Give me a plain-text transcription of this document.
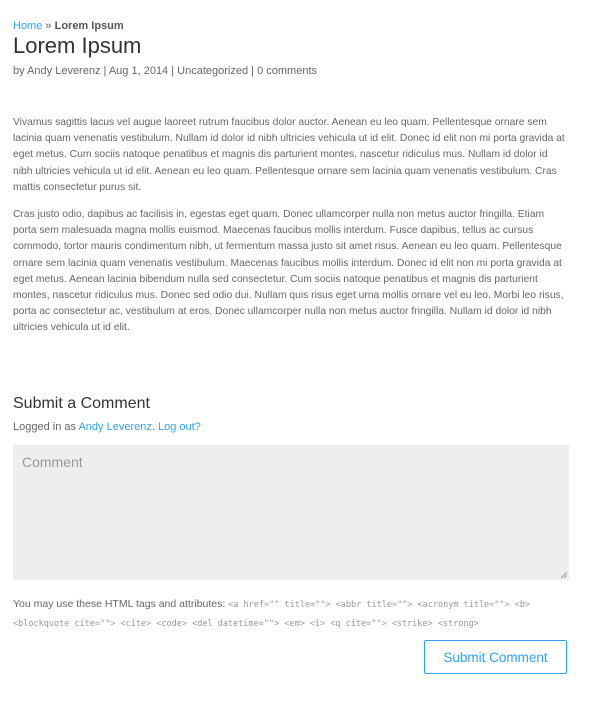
Home » Lorem Ipsum
Lorem Ipsum
by Andy Leverenz | Aug 1, 2014 | Uncategorized | 0 comments

Vivamus sagittis lacus vel augue laoreet rutrum faucibus dolor auctor. Aenean eu leo quam. Pellentesque ornare sem lacinia quam venenatis vestibulum. Nullam id dolor id nibh ultricies vehicula ut id elit. Donec id elit non mi porta gravida at eget metus. Cum sociis natoque penatibus et magnis dis parturient montes, nascetur ridiculus mus. Nullam id dolor id nibh ultricies vehicula ut id elit. Aenean eu leo quam. Pellentesque ornare sem lacinia quam venenatis vestibulum. Cras mattis consectetur purus sit.

Cras justo odio, dapibus ac facilisis in, egestas eget quam. Donec ullamcorper nulla non metus auctor fringilla. Etiam porta sem malesuada magna mollis euismod. Maecenas faucibus mollis interdum. Fusce dapibus, tellus ac cursus commodo, tortor mauris condimentum nibh, ut fermentum massa justo sit amet risus. Aenean eu leo quam. Pellentesque ornare sem lacinia quam venenatis vestibulum. Maecenas faucibus mollis interdum. Donec id elit non mi porta gravida at eget metus. Aenean lacinia bibendum nulla sed consectetur. Cum sociis natoque penatibus et magnis dis parturient montes, nascetur ridiculus mus. Donec sed odio dui. Nullam quis risus eget urna mollis ornare vel eu leo. Morbi leo risus, porta ac consectetur ac, vestibulum at eros. Donec ullamcorper nulla non metus auctor fringilla. Nullam id dolor id nibh ultricies vehicula ut id elit.

Submit a Comment
Logged in as Andy Leverenz. Log out?
Comment
You may use these HTML tags and attributes: <a href="" title=""> <abbr title=""> <acronym title=""> <b> <blockquote cite=""> <cite> <code> <del datetime=""> <em> <i> <q cite=""> <strike> <strong>
Submit Comment
